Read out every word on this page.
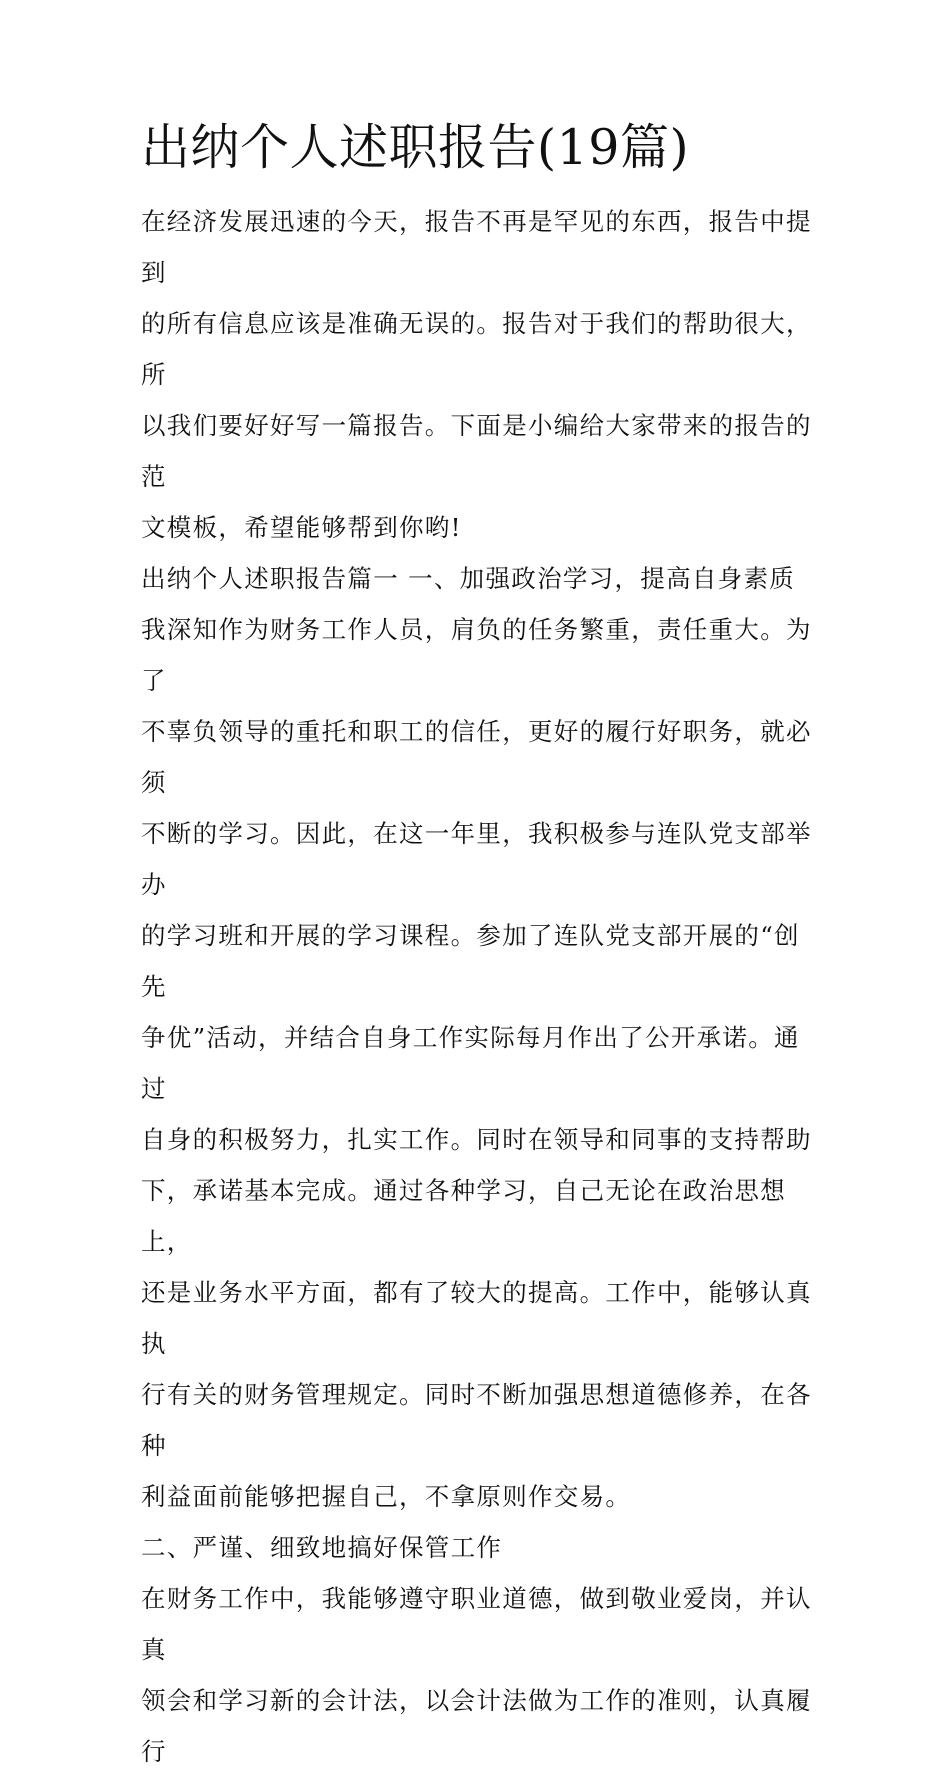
出纳个人述职报告(19篇)

在经济发展迅速的今天，报告不再是罕见的东西，报告中提到

的所有信息应该是准确无误的。报告对于我们的帮助很大，所

以我们要好好写一篇报告。下面是小编给大家带来的报告的范

文模板，希望能够帮到你哟!

出纳个人述职报告篇一 一、加强政治学习，提高自身素质

我深知作为财务工作人员，肩负的任务繁重，责任重大。为了

不辜负领导的重托和职工的信任，更好的履行好职务，就必须

不断的学习。因此，在这一年里，我积极参与连队党支部举办

的学习班和开展的学习课程。参加了连队党支部开展的“创先

争优”活动，并结合自身工作实际每月作出了公开承诺。通过

自身的积极努力，扎实工作。同时在领导和同事的支持帮助

下，承诺基本完成。通过各种学习，自己无论在政治思想上，

还是业务水平方面，都有了较大的提高。工作中，能够认真执

行有关的财务管理规定。同时不断加强思想道德修养，在各种

利益面前能够把握自己，不拿原则作交易。

二、严谨、细致地搞好保管工作

在财务工作中，我能够遵守职业道德，做到敬业爱岗，并认真

领会和学习新的会计法，以会计法做为工作的准则，认真履行
